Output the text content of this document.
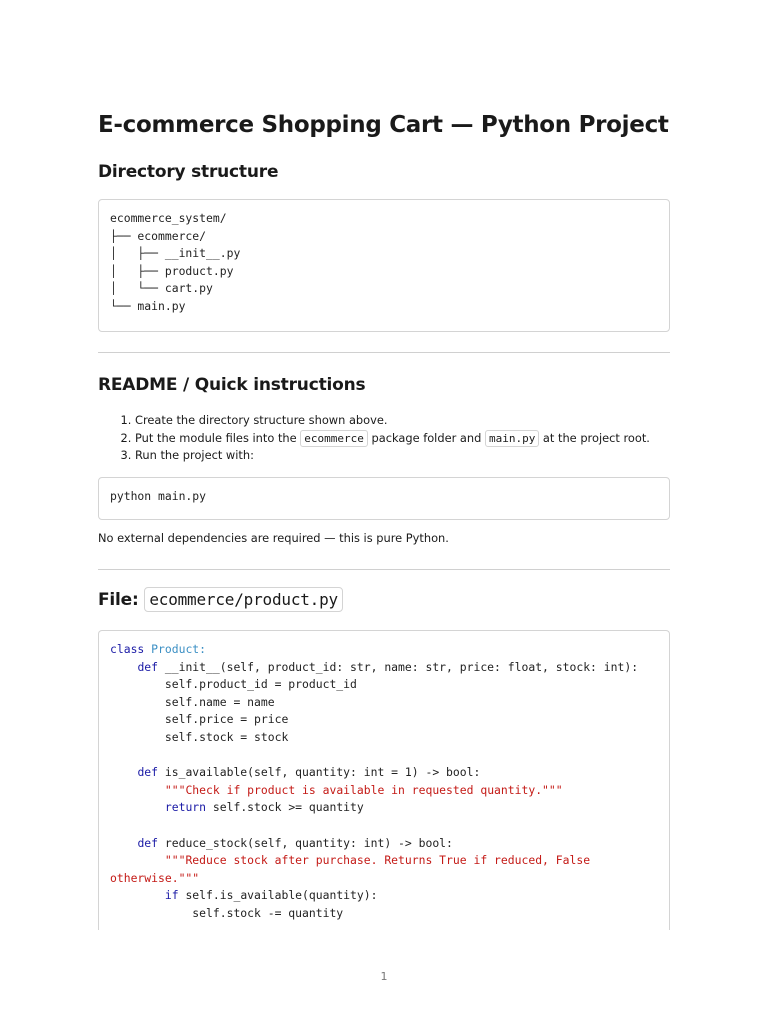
E-commerce Shopping Cart — Python Project
Directory structure
ecommerce_system/
├── ecommerce/
│   ├── __init__.py
│   ├── product.py
│   └── cart.py
└── main.py
README / Quick instructions
1. Create the directory structure shown above.
2. Put the module files into the ecommerce package folder and main.py at the project root.
3. Run the project with:
python main.py

No external dependencies are required — this is pure Python.

File: ecommerce/product.py
class Product:
def __init__(self, product_id: str, name: str, price: float, stock: int):
self.product_id = product_id
self.name = name
self.price = price
self.stock = stock

def is_available(self, quantity: int = 1) -> bool:
"""Check if product is available in requested quantity."""
return self.stock >= quantity

def reduce_stock(self, quantity: int) -> bool:
"""Reduce stock after purchase. Returns True if reduced, False
otherwise."""
if self.is_available(quantity):
self.stock -= quantity
1
